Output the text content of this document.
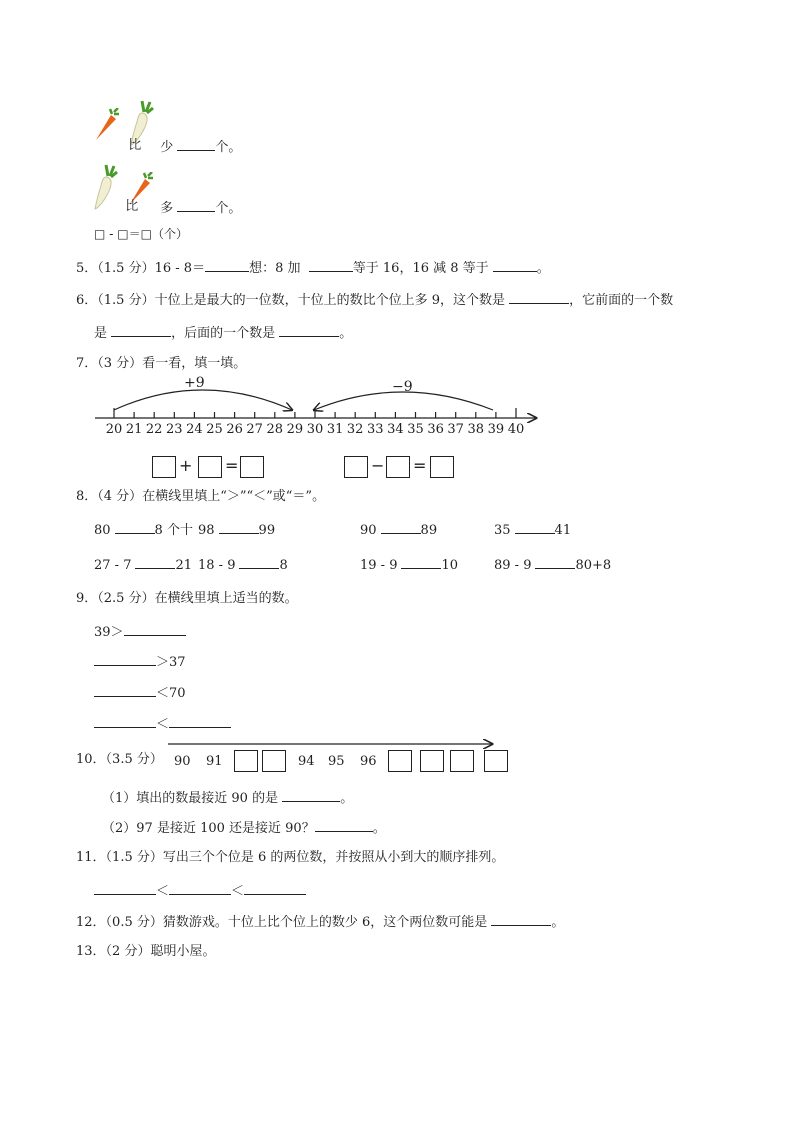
比	少	个。

比	多	个。

□ - □＝□（个）
5．（1.5 分）16 - 8＝	想：8 加	等于 16，16 减 8 等于	。
6．（1.5 分）十位上是最大的一位数，十位上的数比个位上多 9，这个数是	，它前面的一个数
是	，后面的一个数是	。
7．（3 分）看一看，填一填。
+9	−9
20 21 22 23 24 25 26 27 28 29 30 31 32 33 34 35 36 37 38 39 40
+ =	− =
8．（4 分）在横线里填上“＞”“＜”或“＝”。
80	8 个十 98	99	90	89	35	41
27 - 7	21 18 - 9	8	19 - 9	10	89 - 9	80+8
9．（2.5 分）在横线里填上适当的数。
39＞
＞37
＜70
＜
10．（3.5 分） 90 91	94 95 96
（1）填出的数最接近 90 的是	。
（2）97 是接近 100 还是接近 90？	。
11．（1.5 分）写出三个个位是 6 的两位数，并按照从小到大的顺序排列。
＜	＜
12．（0.5 分）猜数游戏。十位上比个位上的数少 6，这个两位数可能是	。
13．（2 分）聪明小屋。
